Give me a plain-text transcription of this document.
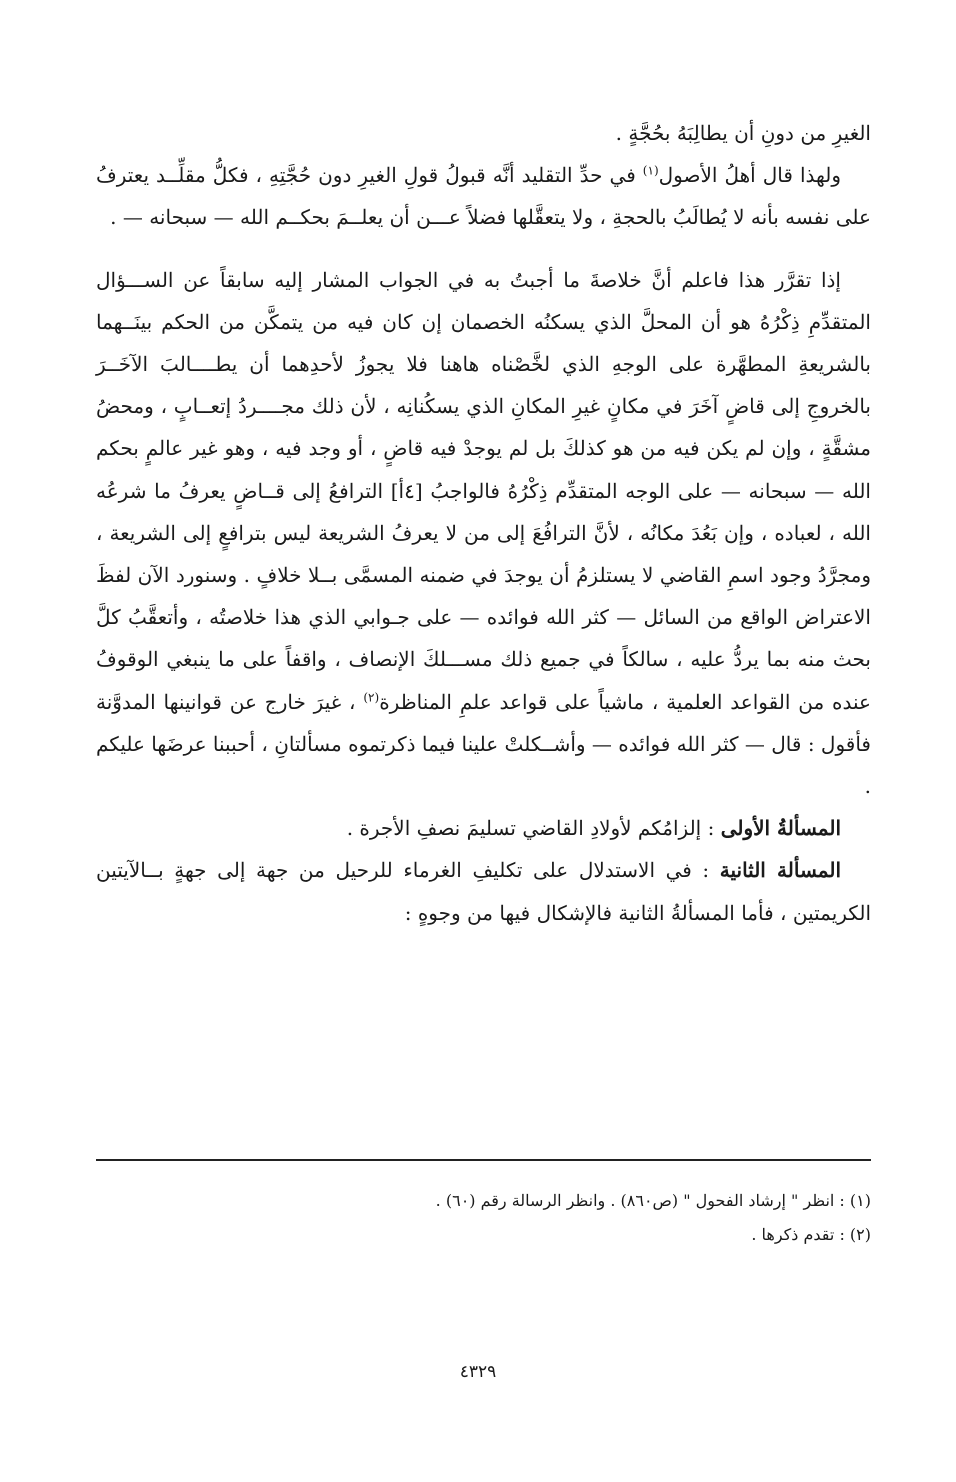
الغيرِ من دونِ أن يطالِبَهُ بحُجَّةٍ .

ولهذا قال أهلُ الأصول$^{(١)}$ في حدِّ التقليد أنَّه قبولُ قولِ الغيرِ دون حُجَّتِهِ ، فكلُّ مقلِّــد يعترفُ على نفسه بأنه لا يُطالَبُ بالحجةِ ، ولا يتعقَّلها فضلاً عـــن أن يعلــمَ بحكــم الله — سبحانه — .

إذا تقرَّر هذا فاعلم أنَّ خلاصةَ ما أجبتُ به في الجواب المشار إليه سابقاً عن الســـؤال المتقدِّمِ ذِكْرُهُ هو أن المحلَّ الذي يسكنُه الخصمان إن كان فيه من يتمكَّن من الحكم بينَــهما بالشريعةِ المطهَّرة على الوجهِ الذي لخَّصْناه هاهنا فلا يجوزُ لأحدِهما أن يطــــالبَ الآخَــرَ بالخروجِ إلى قاضٍ آخَرَ في مكانٍ غيرِ المكانِ الذي يسكُنانِه ، لأن ذلك مجــــردُ إتعــابٍ ، ومحضُ مشقَّةٍ ، وإن لم يكن فيه من هو كذلكَ بل لم يوجدْ فيه قاضٍ ، أو وجد فيه ، وهو غير عالمٍ بحكم الله — سبحانه — على الوجه المتقدِّم ذِكْرُهُ فالواجبُ [٤أ] الترافعُ إلى قــاضٍ يعرفُ ما شرعُه الله ، لعباده ، وإن بَعُدَ مكانُه ، لأنَّ الترافُعَ إلى من لا يعرفُ الشريعة ليس بترافعٍ إلى الشريعة ، ومجرَّدُ وجود اسمِ القاضي لا يستلزمُ أن يوجدَ في ضمنه المسمَّى بــلا خلافٍ . وسنورد الآن لفظَ الاعتراض الواقع من السائل — كثر الله فوائده — على جـوابي الذي هذا خلاصتُه ، وأتعقَّبُ كلَّ بحث منه بما يردُّ عليه ، سالكاً في جميع ذلك مســـلكَ الإنصاف ، واقفاً على ما ينبغي الوقوفُ عنده من القواعد العلمية ، ماشياً على قواعد علمِ المناظرة$^{(٢)}$ ، غيرَ خارج عن قوانينها المدوَّنة فأقول : قال — كثر الله فوائده — وأشــكلتْ علينا فيما ذكرتموه مسألتانِ ، أحببنا عرضَها عليكم .

المسألةُ الأولى : إلزامُكم لأولادِ القاضي تسليمَ نصفِ الأجرة .

المسألة الثانية : في الاستدلال على تكليفِ الغرماء للرحيل من جهة إلى جهةٍ بــالآيتين الكريمتين ، فأما المسألةُ الثانية فالإشكال فيها من وجوهٍ :

(١) : انظر " إرشاد الفحول " (ص٨٦٠) . وانظر الرسالة رقم (٦٠) .

(٢) : تقدم ذكرها .

٤٣٢٩
